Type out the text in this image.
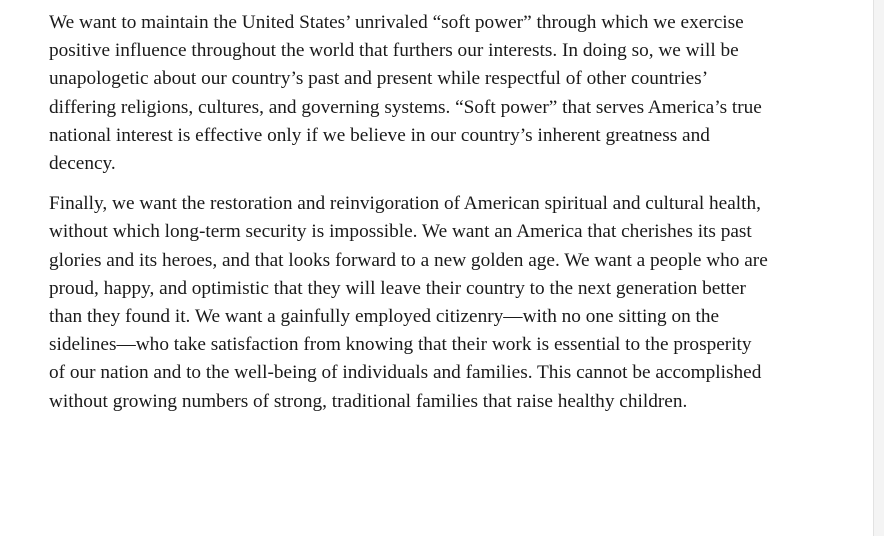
We want to maintain the United States’ unrivaled “soft power” through which we exercise positive influence throughout the world that furthers our interests. In doing so, we will be unapologetic about our country’s past and present while respectful of other countries’ differing religions, cultures, and governing systems. “Soft power” that serves America’s true national interest is effective only if we believe in our country’s inherent greatness and decency.

Finally, we want the restoration and reinvigoration of American spiritual and cultural health, without which long-term security is impossible. We want an America that cherishes its past glories and its heroes, and that looks forward to a new golden age. We want a people who are proud, happy, and optimistic that they will leave their country to the next generation better than they found it. We want a gainfully employed citizenry—with no one sitting on the sidelines—who take satisfaction from knowing that their work is essential to the prosperity of our nation and to the well-being of individuals and families. This cannot be accomplished without growing numbers of strong, traditional families that raise healthy children.
